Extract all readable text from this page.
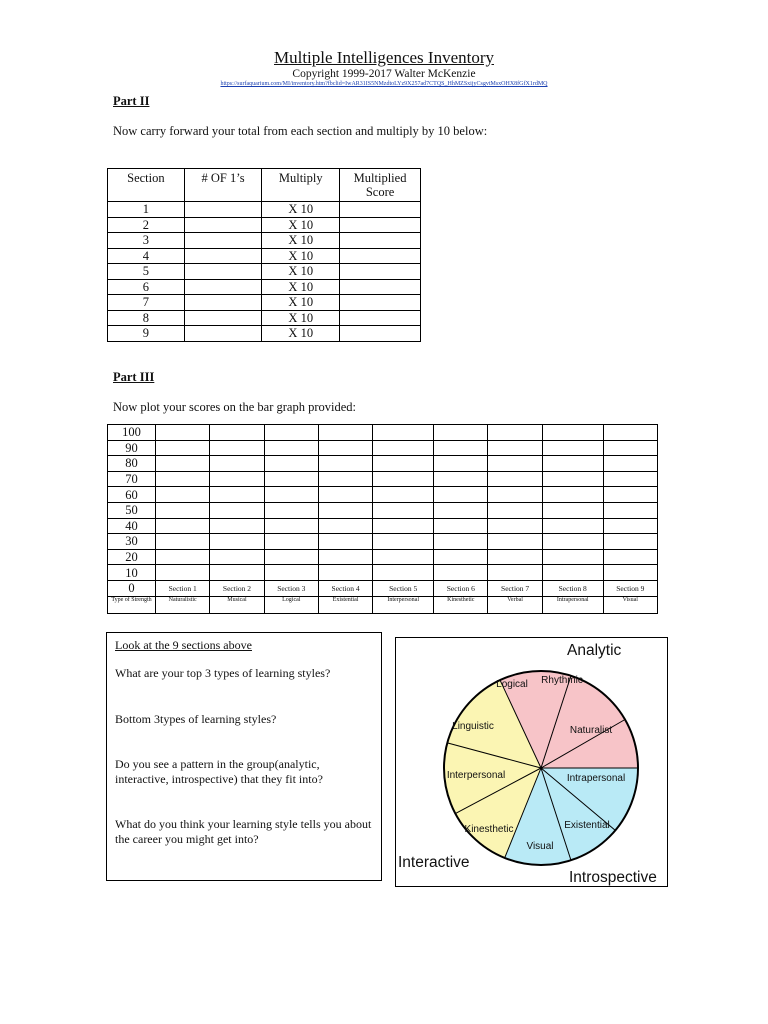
Multiple Intelligences Inventory
Copyright 1999-2017 Walter McKenzie
https://surfaquarium.com/MI/inventory.htm?fbclid=IwAR31IS5NMzdtoLYz9X257ad7CTQS_HhMZSxijyCsgvtMsxOHX8fGfX1rdMQ
Part II
Now carry forward your total from each section and multiply by 10 below:
Section	# OF 1’s	Multiply	Multiplied Score
1		X 10	
2		X 10	
3		X 10	
4		X 10	
5		X 10	
6		X 10	
7		X 10	
8		X 10	
9		X 10	
Part III
Now plot your scores on the bar graph provided:
100									
90									
80									
70									
60									
50									
40									
30									
20									
10									
0	Section 1	Section 2	Section 3	Section 4	Section 5	Section 6	Section 7	Section 8	Section 9
Type of Strength	Naturalistic	Musical	Logical	Existential	Interpersonal	Kinesthetic	Verbal	Intrapersonal	Visual
Look at the 9 sections above
What are your top 3 types of learning styles?
Bottom 3types of learning styles?
Do you see a pattern in the group(analytic, interactive, introspective) that they fit into?
What do you think your learning style tells you about the career you might get into?
Logical Rhythmic
Naturalist
Intrapersonal
Existential
Visual
Kinesthetic
Interpersonal
Linguistic
Analytic
Interactive
Introspective
